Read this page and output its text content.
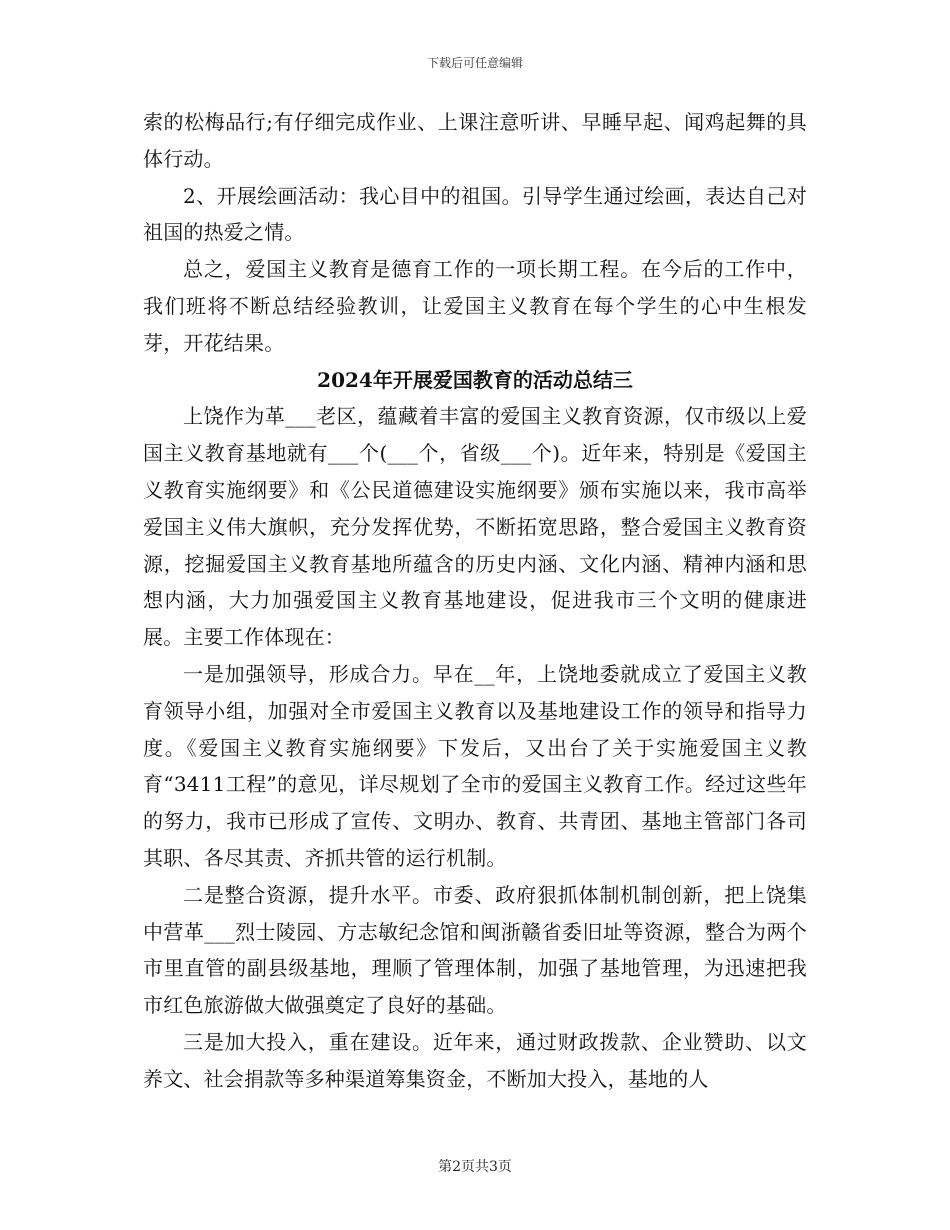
下载后可任意编辑

索的松梅品行;有仔细完成作业、上课注意听讲、早睡早起、闻鸡起舞的具体行动。

2、开展绘画活动：我心目中的祖国。引导学生通过绘画，表达自己对祖国的热爱之情。

总之，爱国主义教育是德育工作的一项长期工程。在今后的工作中，我们班将不断总结经验教训，让爱国主义教育在每个学生的心中生根发芽，开花结果。

2024年开展爱国教育的活动总结三

上饶作为革___老区，蕴藏着丰富的爱国主义教育资源，仅市级以上爱国主义教育基地就有___个(___个，省级___个)。近年来，特别是《爱国主义教育实施纲要》和《公民道德建设实施纲要》颁布实施以来，我市高举爱国主义伟大旗帜，充分发挥优势，不断拓宽思路，整合爱国主义教育资源，挖掘爱国主义教育基地所蕴含的历史内涵、文化内涵、精神内涵和思想内涵，大力加强爱国主义教育基地建设，促进我市三个文明的健康进展。主要工作体现在：

一是加强领导，形成合力。早在__年，上饶地委就成立了爱国主义教育领导小组，加强对全市爱国主义教育以及基地建设工作的领导和指导力度。《爱国主义教育实施纲要》下发后，又出台了关于实施爱国主义教育“3411工程”的意见，详尽规划了全市的爱国主义教育工作。经过这些年的努力，我市已形成了宣传、文明办、教育、共青团、基地主管部门各司其职、各尽其责、齐抓共管的运行机制。

二是整合资源，提升水平。市委、政府狠抓体制机制创新，把上饶集中营革___烈士陵园、方志敏纪念馆和闽浙赣省委旧址等资源，整合为两个市里直管的副县级基地，理顺了管理体制，加强了基地管理，为迅速把我市红色旅游做大做强奠定了良好的基础。

三是加大投入，重在建设。近年来，通过财政拨款、企业赞助、以文养文、社会捐款等多种渠道筹集资金，不断加大投入，基地的人

第2页共3页
